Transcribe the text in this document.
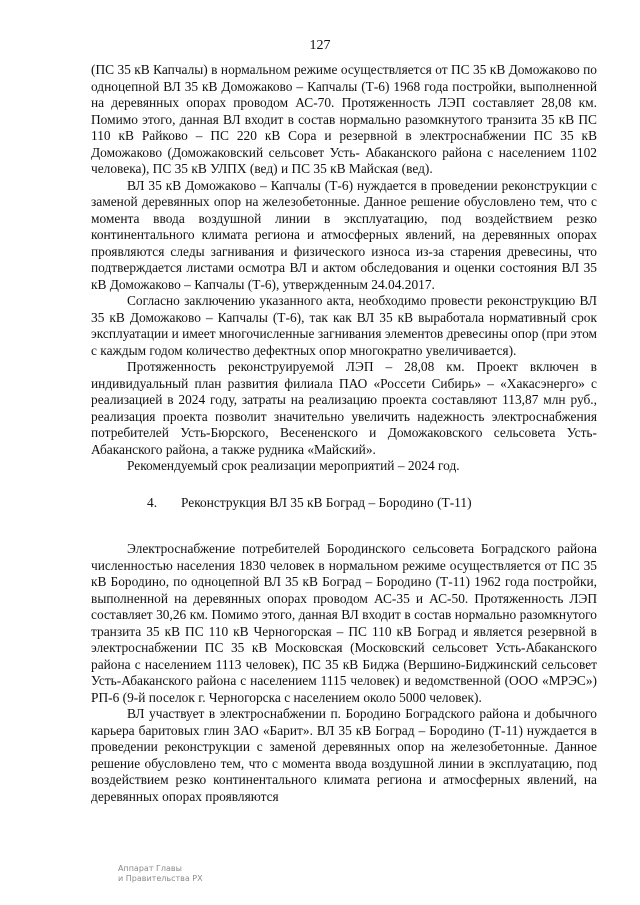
127

(ПС 35 кВ Капчалы) в нормальном режиме осуществляется от ПС 35 кВ Доможаково по одноцепной ВЛ 35 кВ Доможаково – Капчалы (Т-6) 1968 года постройки, выполненной на деревянных опорах проводом АС-70. Протяженность ЛЭП составляет 28,08 км. Помимо этого, данная ВЛ входит в состав нормально разомкнутого транзита 35 кВ ПС 110 кВ Райково – ПС 220 кВ Сора и резервной в электроснабжении ПС 35 кВ Доможаково (Доможаковский сельсовет Усть- Абаканского района с населением 1102 человека), ПС 35 кВ УЛПХ (вед) и ПС 35 кВ Майская (вед).

ВЛ 35 кВ Доможаково – Капчалы (Т-6) нуждается в проведении реконструкции с заменой деревянных опор на железобетонные. Данное решение обусловлено тем, что с момента ввода воздушной линии в эксплуатацию, под воздействием резко континентального климата региона и атмосферных явлений, на деревянных опорах проявляются следы загнивания и физического износа из-за старения древесины, что подтверждается листами осмотра ВЛ и актом обследования и оценки состояния ВЛ 35 кВ Доможаково – Капчалы (Т-6), утвержденным 24.04.2017.

Согласно заключению указанного акта, необходимо провести реконструкцию ВЛ 35 кВ Доможаково – Капчалы (Т-6), так как ВЛ 35 кВ выработала нормативный срок эксплуатации и имеет многочисленные загнивания элементов древесины опор (при этом с каждым годом количество дефектных опор многократно увеличивается).

Протяженность реконструируемой ЛЭП – 28,08 км. Проект включен в индивидуальный план развития филиала ПАО «Россети Сибирь» – «Хакасэнерго» с реализацией в 2024 году, затраты на реализацию проекта составляют 113,87 млн руб., реализация проекта позволит значительно увеличить надежность электроснабжения потребителей Усть-Бюрского, Весененского и Доможаковского сельсовета Усть-Абаканского района, а также рудника «Майский».

Рекомендуемый срок реализации мероприятий – 2024 год.

4. Реконструкция ВЛ 35 кВ Боград – Бородино (Т-11)

Электроснабжение потребителей Бородинского сельсовета Боградского района численностью населения 1830 человек в нормальном режиме осуществляется от ПС 35 кВ Бородино, по одноцепной ВЛ 35 кВ Боград – Бородино (Т-11) 1962 года постройки, выполненной на деревянных опорах проводом АС-35 и АС-50. Протяженность ЛЭП составляет 30,26 км. Помимо этого, данная ВЛ входит в состав нормально разомкнутого транзита 35 кВ ПС 110 кВ Черногорская – ПС 110 кВ Боград и является резервной в электроснабжении ПС 35 кВ Московская (Московский сельсовет Усть-Абаканского района с населением 1113 человек), ПС 35 кВ Биджа (Вершино-Биджинский сельсовет Усть-Абаканского района с населением 1115 человек) и ведомственной (ООО «МРЭС») РП-6 (9-й поселок г. Черногорска с населением около 5000 человек).

ВЛ участвует в электроснабжении п. Бородино Боградского района и добычного карьера баритовых глин ЗАО «Барит». ВЛ 35 кВ Боград – Бородино (Т-11) нуждается в проведении реконструкции с заменой деревянных опор на железобетонные. Данное решение обусловлено тем, что с момента ввода воздушной линии в эксплуатацию, под воздействием резко континентального климата региона и атмосферных явлений, на деревянных опорах проявляются

Аппарат Главы
и Правительства РХ
